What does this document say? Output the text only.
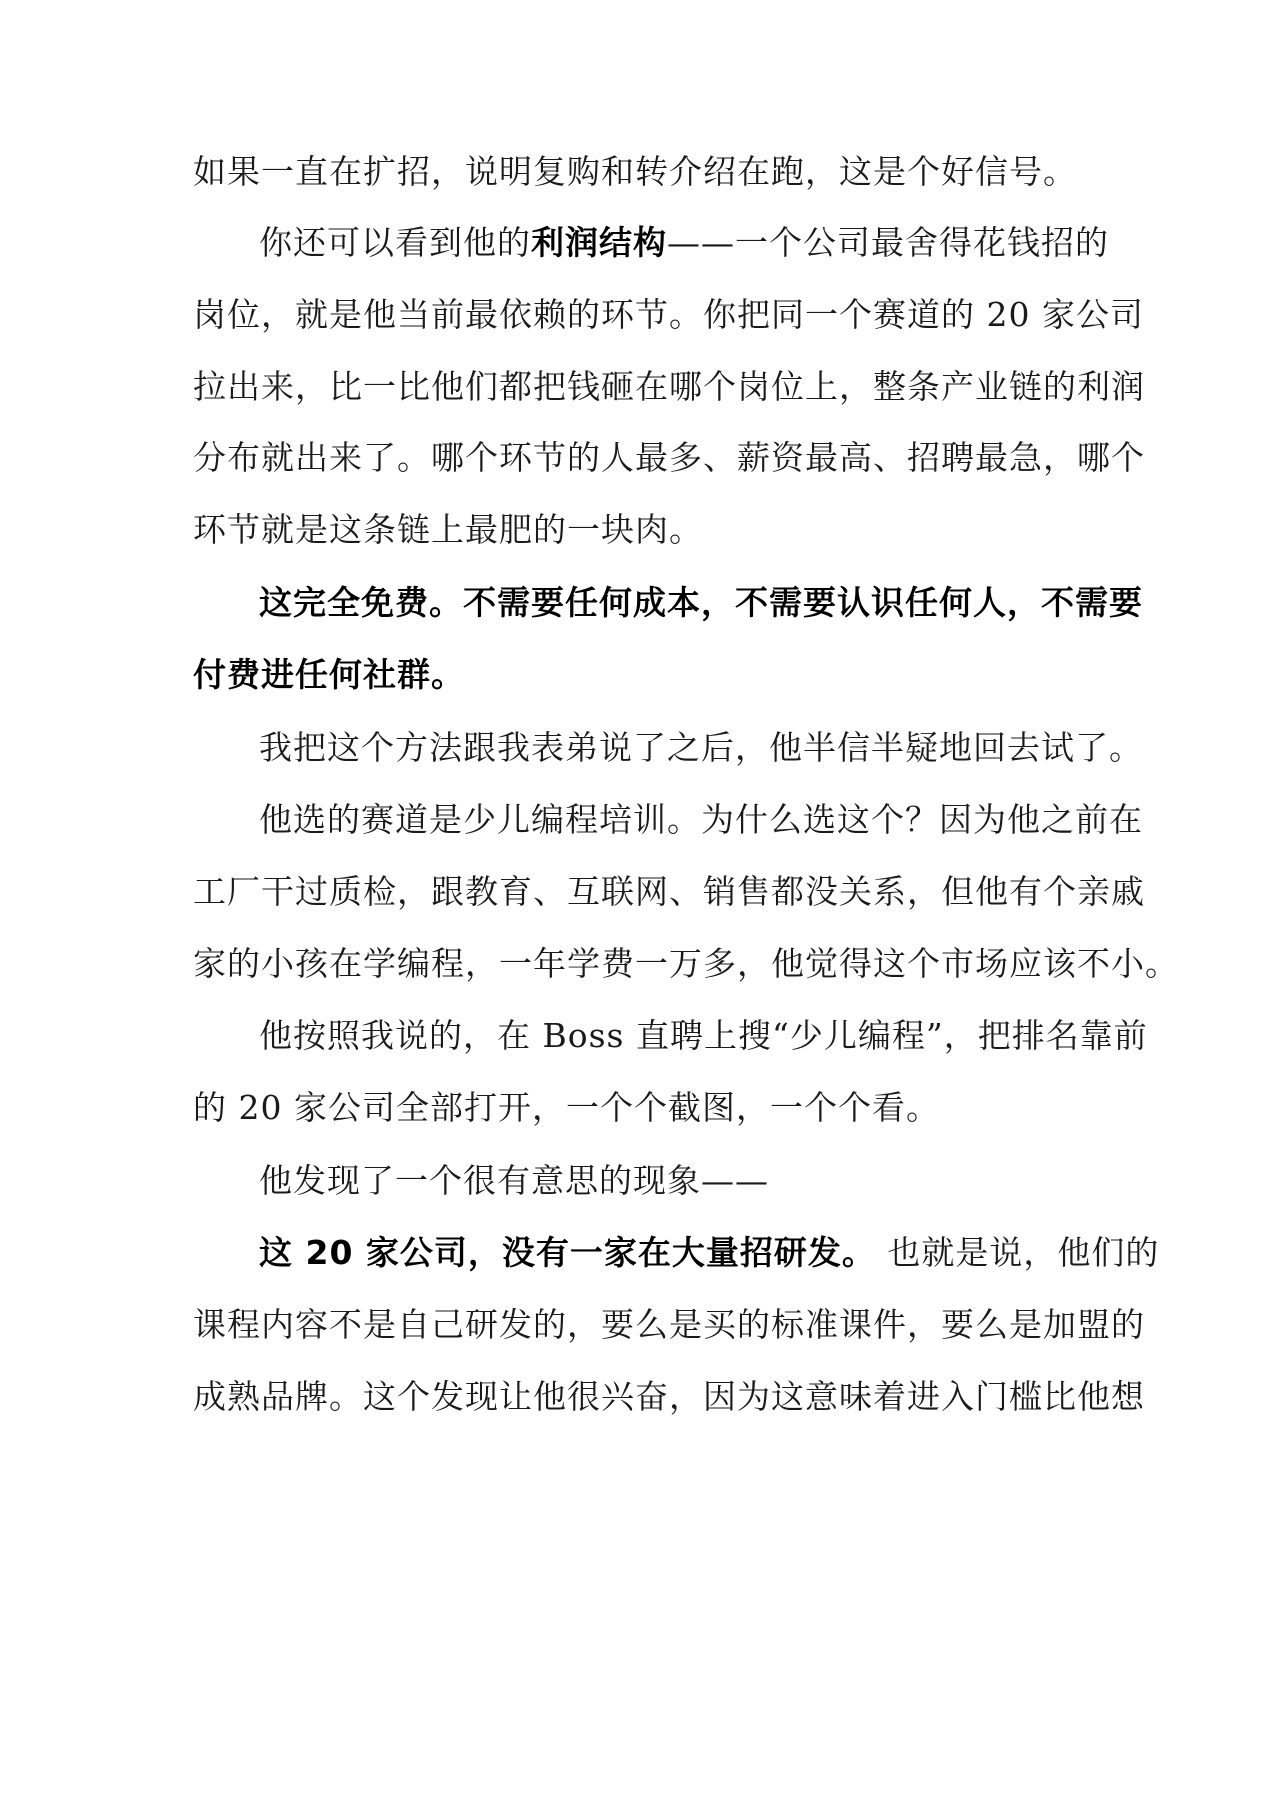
如果一直在扩招，说明复购和转介绍在跑，这是个好信号。
你还可以看到他的利润结构——一个公司最舍得花钱招的
岗位，就是他当前最依赖的环节。你把同一个赛道的 20 家公司
拉出来，比一比他们都把钱砸在哪个岗位上，整条产业链的利润
分布就出来了。哪个环节的人最多、薪资最高、招聘最急，哪个
环节就是这条链上最肥的一块肉。
这完全免费。不需要任何成本，不需要认识任何人，不需要
付费进任何社群。
我把这个方法跟我表弟说了之后，他半信半疑地回去试了。
他选的赛道是少儿编程培训。为什么选这个？因为他之前在
工厂干过质检，跟教育、互联网、销售都没关系，但他有个亲戚
家的小孩在学编程，一年学费一万多，他觉得这个市场应该不小。
他按照我说的，在 Boss 直聘上搜“少儿编程”，把排名靠前
的 20 家公司全部打开，一个个截图，一个个看。
他发现了一个很有意思的现象——
这 20 家公司，没有一家在大量招研发。 也就是说，他们的
课程内容不是自己研发的，要么是买的标准课件，要么是加盟的
成熟品牌。这个发现让他很兴奋，因为这意味着进入门槛比他想
